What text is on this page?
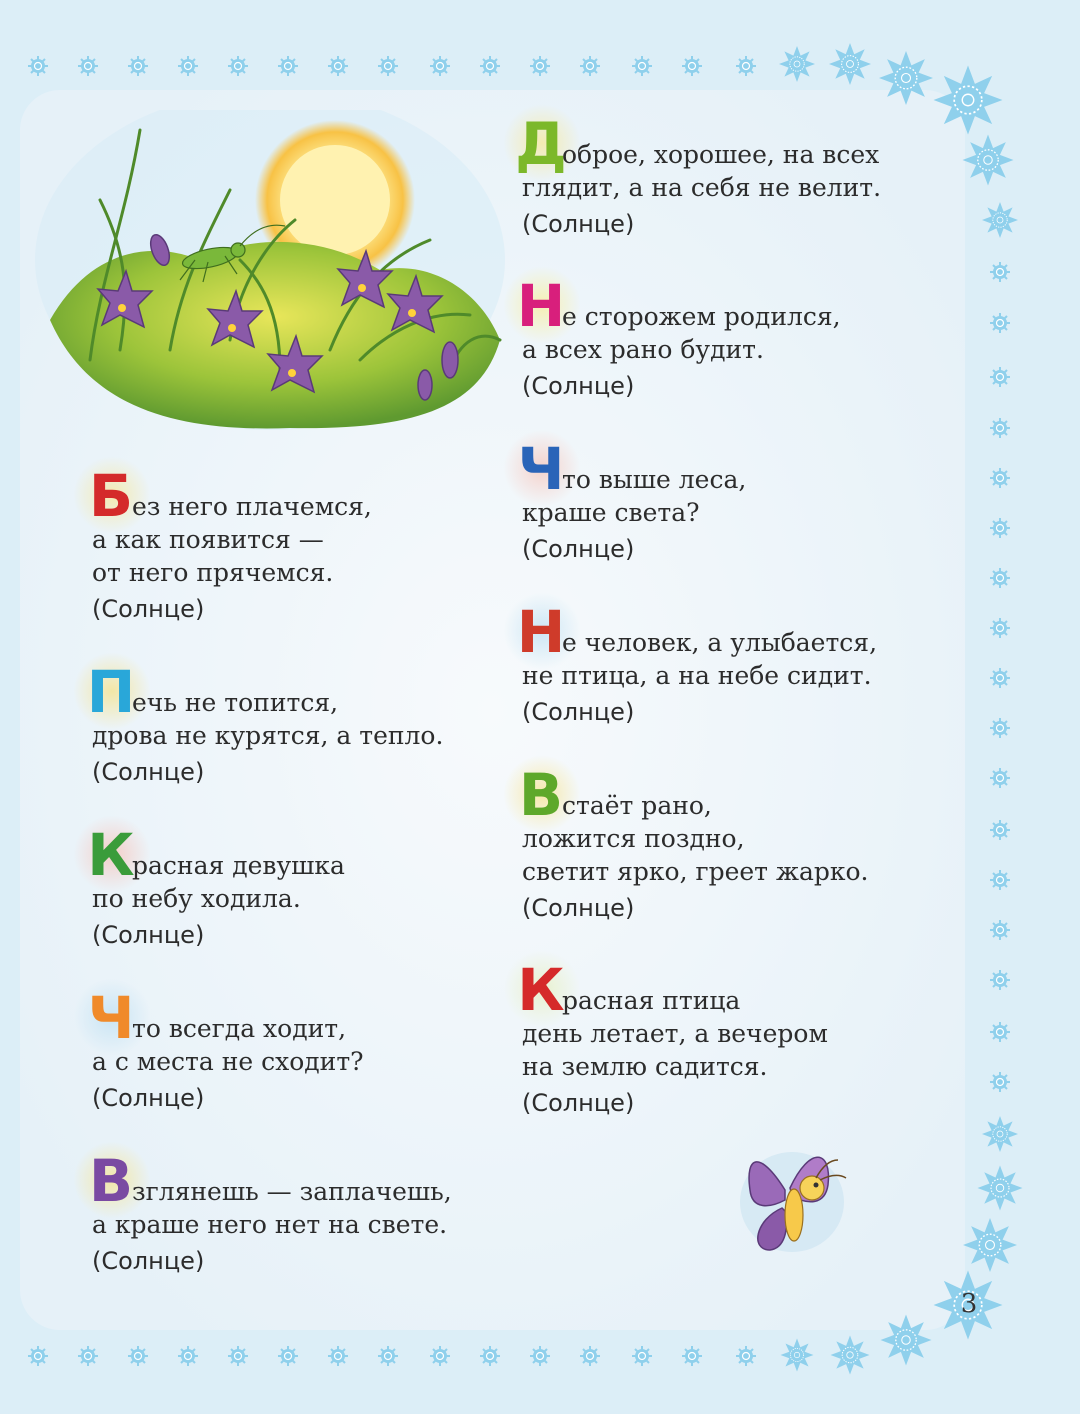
Б
ез него плачемся,
а как появится —
от него прячемся.
(Солнце)
П
ечь не топится,
дрова не курятся, а тепло.
(Солнце)
К
расная девушка
по небу ходила.
(Солнце)
Ч
то всегда ходит,
а с места не сходит?
(Солнце)
В
зглянешь — заплачешь,
а краше него нет на свете.
(Солнце)
Д
оброе, хорошее, на всех
глядит, а на себя не велит.
(Солнце)
Н
е сторожем родился,
а всех рано будит.
(Солнце)
Ч
то выше леса,
краше света?
(Солнце)
Н
е человек, а улыбается,
не птица, а на небе сидит.
(Солнце)
В
стаёт рано,
ложится поздно,
светит ярко, греет жарко.
(Солнце)
К
расная птица
день летает, а вечером
на землю садится.
(Солнце)
3
